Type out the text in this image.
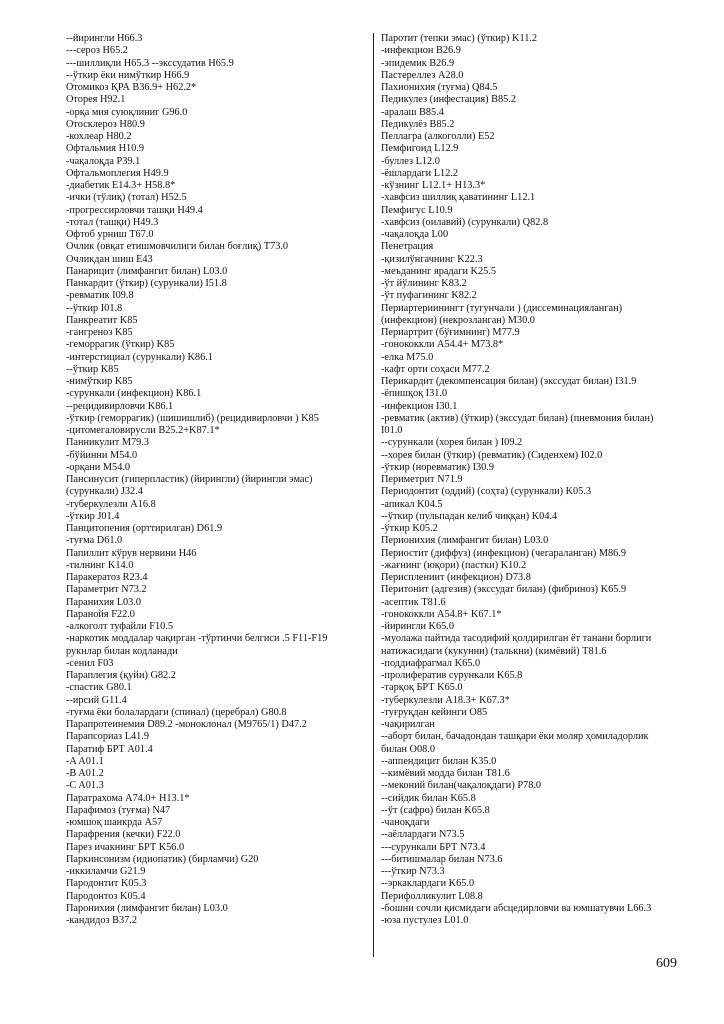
--йирингли H66.3
---сероз H65.2
---шиллиқли H65.3 --экссудатив H65.9
--ўткир ёки нимўткир H66.9
Отомикоз ҚРА B36.9+ H62.2*
Оторея H92.1
-орқа мия суюқлиниг G96.0
Отосклероз H80.9
-кохлеар H80.2
Офтальмия H10.9
-чақалоқда P39.1
Офтальмоплегия H49.9
-диабетик E14.3+ H58.8*
-ички (тўлиқ) (тотал) H52.5
-прогрессирловчи ташқи H49.4
-тотал (ташқи) H49.3
Офтоб урниш T67.0
Очлик (овқат етишмовчилиги билан боғлиқ) T73.0
Очликдан шиш E43
Панарицит (лимфангит билан) L03.0
Панкардит (ўткир) (сурункали) I51.8
-ревматик I09.8
--ўткир I01.8
Панкреатит K85
-гангреноз K85
-геморрагик (ўткир) K85
-интерстициал (сурункали) K86.1
--ўткир K85
-нимўткир K85
-сурункали (инфекцион) K86.1
--рецидивирловчи K86.1
-ўткир (геморрагик) (шишишлиб) (рецидивирловчи ) K85
-цитомегаловирусли B25.2+K87.1*
Панникулит M79.3
-бўйинни M54.0
-орқани M54.0
Пансинусит (гиперпластик) (йирингли) (йирингли эмас) (сурункали) J32.4
-туберкулезли A16.8
-ўткир J01.4
Панцитопения (орттирилган) D61.9
-туғма D61.0
Папиллит кўрув нервини H46
-тилнинг K14.0
Паракератоз R23.4
Параметрит N73.2
Паранихия L03.0
Паранойя F22.0
-алкоголт туфайли F10.5
-наркотик моддалар чақирган -тўртинчи белгиси .5 F11-F19 рукнлар билан кодланади
-сенил F03
Параплегия (қуйи) G82.2
-спастик G80.1
--ирсий G11.4
-туғма ёки болалардаги (спинал) (церебрал) G80.8
Парапротеинемия D89.2 -моноклонал (M9765/1) D47.2
Парапсориаз L41.9
Паратиф БРТ A01.4
-A A01.1
-B A01.2
-C A01.3
Паратрахома A74.0+ H13.1*
Парафимоз (туғма) N47
-юмшоқ шанкрда A57
Парафрения (кечки) F22.0
Парез ичакнинг БРТ K56.0
Паркинсонизм (идиопатик) (бирламчи) G20
-иккиламчи G21.9
Пародонтит K05.3
Пародонтоз K05.4
Паронихия (лимфангит билан) L03.0
-кандидоз B37.2
Паротит (тепки эмас) (ўткир) K11.2
-инфекцион B26.9
-эпидемик B26.9
Пастереллез A28.0
Пахионихия (туғма) Q84.5
Педикулез (инфестация) B85.2
-аралаш B85.4
Педикулёз B85.2
Пеллагра (алкоголли) E52
Пемфигоид L12.9
-буллез L12.0
-ёшлардаги L12.2
-кўзнинг L12.1+ H13.3*
-хавфсиз шиллиқ қаватининг L12.1
Пемфигус L10.9
-хавфсиз (оилавий) (сурункали) Q82.8
-чақалоқда L00
Пенетрация
-қизилўнгачнинг K22.3
-меъданинг ярадаги K25.5
-ўт йўлининг K83.2
-ўт пуфагининг K82.2
Периартериинингт (тугунчали ) (диссеминацияланган) (инфекцион) (некрозланган) M30.0
Периартрит (бўғимнинг) M77.9
-гонококкли A54.4+ M73.8*
-елка M75.0
-кафт орти соҳаси M77.2
Перикардит (декомпенсация билан) (экссудат билан) I31.9
-ёпишқоқ I31.0
-инфекцион I30.1
-ревматик (актив) (ўткир) (экссудат билан) (пневмония билан) I01.0
--сурункали (хорея билан ) I09.2
--хорея билан (ўткир) (ревматик) (Сиденхем) I02.0
-ўткир (норевматик) I30.9
Периметрит N71.9
Периодонтит (оддий) (соҳта) (сурункали) K05.3
-апикал K04.5
--ўткир (пульпадан келиб чиққан) K04.4
-ўткир K05.2
Перионихия (лимфангит билан) L03.0
Периостит (диффуз) (инфекцион) (чегараланган) M86.9
-жағнинг (юқори) (пастки) K10.2
Перисплениит (инфекцион) D73.8
Перитонит (адгезив) (экссудат билан) (фибриноз) K65.9
-асептик T81.6
-гонококкли A54.8+ K67.1*
-йирингли K65.0
-муолажа пайтида тасодифий қолдирилган ёт танани борлиги натижасидаги (кукунни) (талькни) (кимёвий) T81.6
-поддиафрагмал K65.0
-пролифератив сурункали K65.8
-тарқоқ БРТ K65.0
-туберкулезли A18.3+ K67.3*
-туғруқдан кейинги O85
-чақирилган
--аборт билан, бачадондан ташқари ёки моляр ҳомиладорлик билан O08.0
--аппендицит билан K35.0
--кимёвий модда билан T81.6
--меконий билан(чақалоқдаги) P78.0
--сийдик билан K65.8
--ўт (сафро) билан K65.8
-чаноқдаги
--аёллардаги N73.5
---сурункали БРТ N73.4
---битишмалар билан N73.6
---ўткир N73.3
--эркаклардаги K65.0
Перифолликулит L08.8
-бошни сочли қисмидаги абсцедирловчи ва юмшатувчи L66.3
-юза пустулез L01.0
609
